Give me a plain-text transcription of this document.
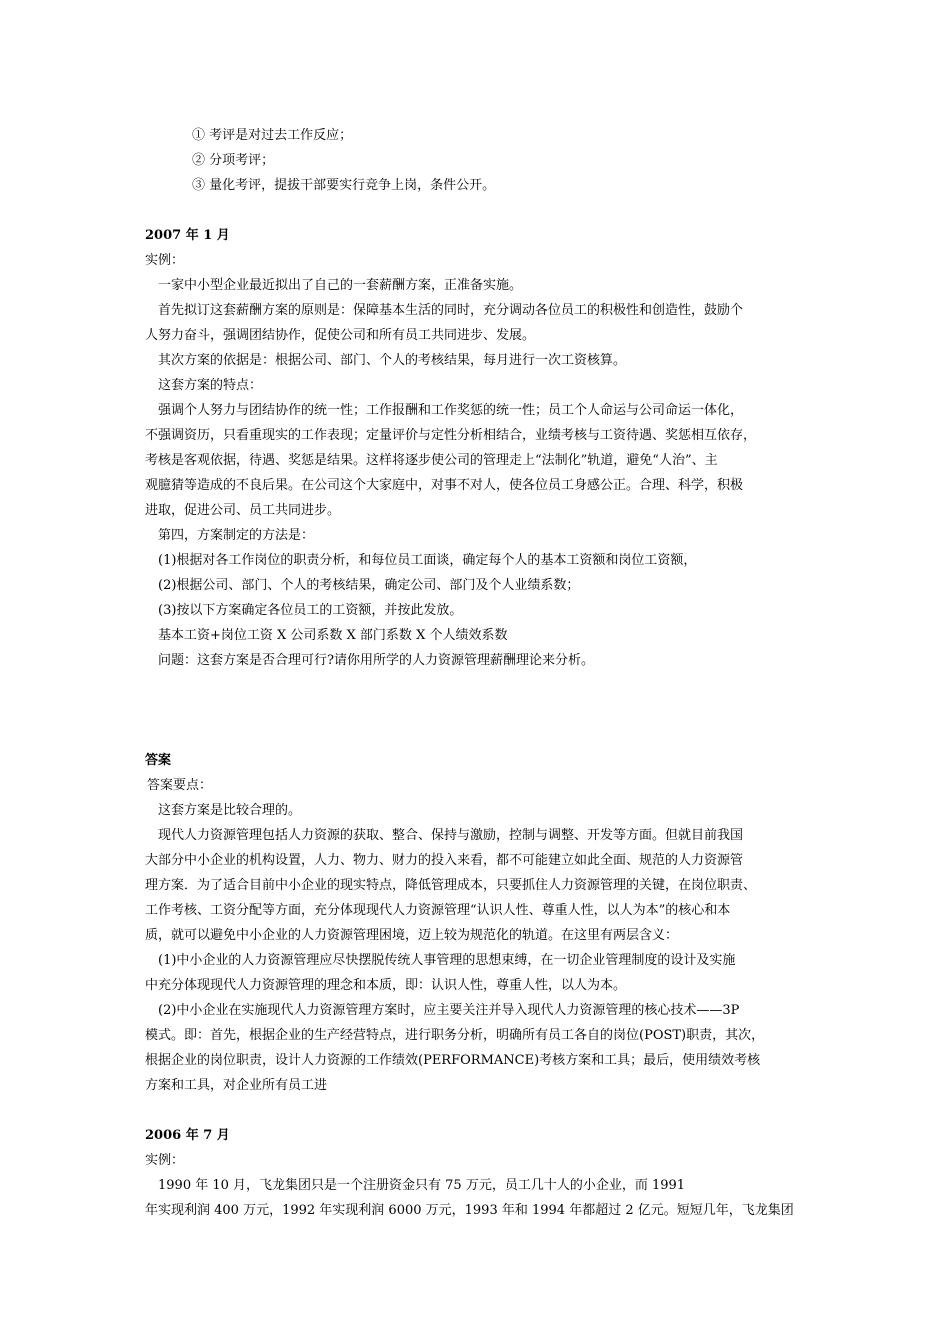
① 考评是对过去工作反应；
② 分项考评；
③ 量化考评，提拔干部要实行竞争上岗，条件公开。
2007 年 1 月
实例：
一家中小型企业最近拟出了自己的一套薪酬方案，正准备实施。
首先拟订这套薪酬方案的原则是：保障基本生活的同时，充分调动各位员工的积极性和创造性，鼓励个
人努力奋斗，强调团结协作，促使公司和所有员工共同进步、发展。
其次方案的依据是：根据公司、部门、个人的考核结果，每月进行一次工资核算。
这套方案的特点：
强调个人努力与团结协作的统一性；工作报酬和工作奖惩的统一性；员工个人命运与公司命运一体化，
不强调资历，只看重现实的工作表现；定量评价与定性分析相结合，业绩考核与工资待遇、奖惩相互依存，
考核是客观依据，待遇、奖惩是结果。这样将逐步使公司的管理走上“法制化”轨道，避免“人治”、主
观臆猜等造成的不良后果。在公司这个大家庭中，对事不对人，使各位员工身感公正。合理、科学，积极
进取，促进公司、员工共同进步。
第四，方案制定的方法是：
(1)根据对各工作岗位的职责分析，和每位员工面谈，确定每个人的基本工资额和岗位工资额，
(2)根据公司、部门、个人的考核结果，确定公司、部门及个人业绩系数；
(3)按以下方案确定各位员工的工资额，并按此发放。
基本工资+岗位工资 X 公司系数 X 部门系数 X 个人绩效系数
问题：这套方案是否合理可行?请你用所学的人力资源管理薪酬理论来分析。
答案
答案要点：
这套方案是比较合理的。
现代人力资源管理包括人力资源的获取、整合、保持与激励，控制与调整、开发等方面。但就目前我国
大部分中小企业的机构设置，人力、物力、财力的投入来看，都不可能建立如此全面、规范的人力资源管
理方案．为了适合目前中小企业的现实特点，降低管理成本，只要抓住人力资源管理的关键，在岗位职责、
工作考核、工资分配等方面，充分体现现代人力资源管理“认识人性、尊重人性，以人为本”的核心和本
质，就可以避免中小企业的人力资源管理困境，迈上较为规范化的轨道。在这里有两层含义：
(1)中小企业的人力资源管理应尽快摆脱传统人事管理的思想束缚，在一切企业管理制度的设计及实施
中充分体现现代人力资源管理的理念和本质，即：认识人性，尊重人性，以人为本。
(2)中小企业在实施现代人力资源管理方案时，应主要关注并导入现代人力资源管理的核心技术——3P
模式。即：首先，根据企业的生产经营特点，进行职务分析，明确所有员工各自的岗位(POST)职责，其次，
根据企业的岗位职责，设计人力资源的工作绩效(PERFORMANCE)考核方案和工具；最后，使用绩效考核
方案和工具，对企业所有员工进
2006 年 7 月
实例：
1990 年 10 月，飞龙集团只是一个注册资金只有 75 万元，员工几十人的小企业，而 1991
年实现利润 400 万元，1992 年实现利润 6000 万元，1993 年和 1994 年都超过 2 亿元。短短几年，飞龙集团
